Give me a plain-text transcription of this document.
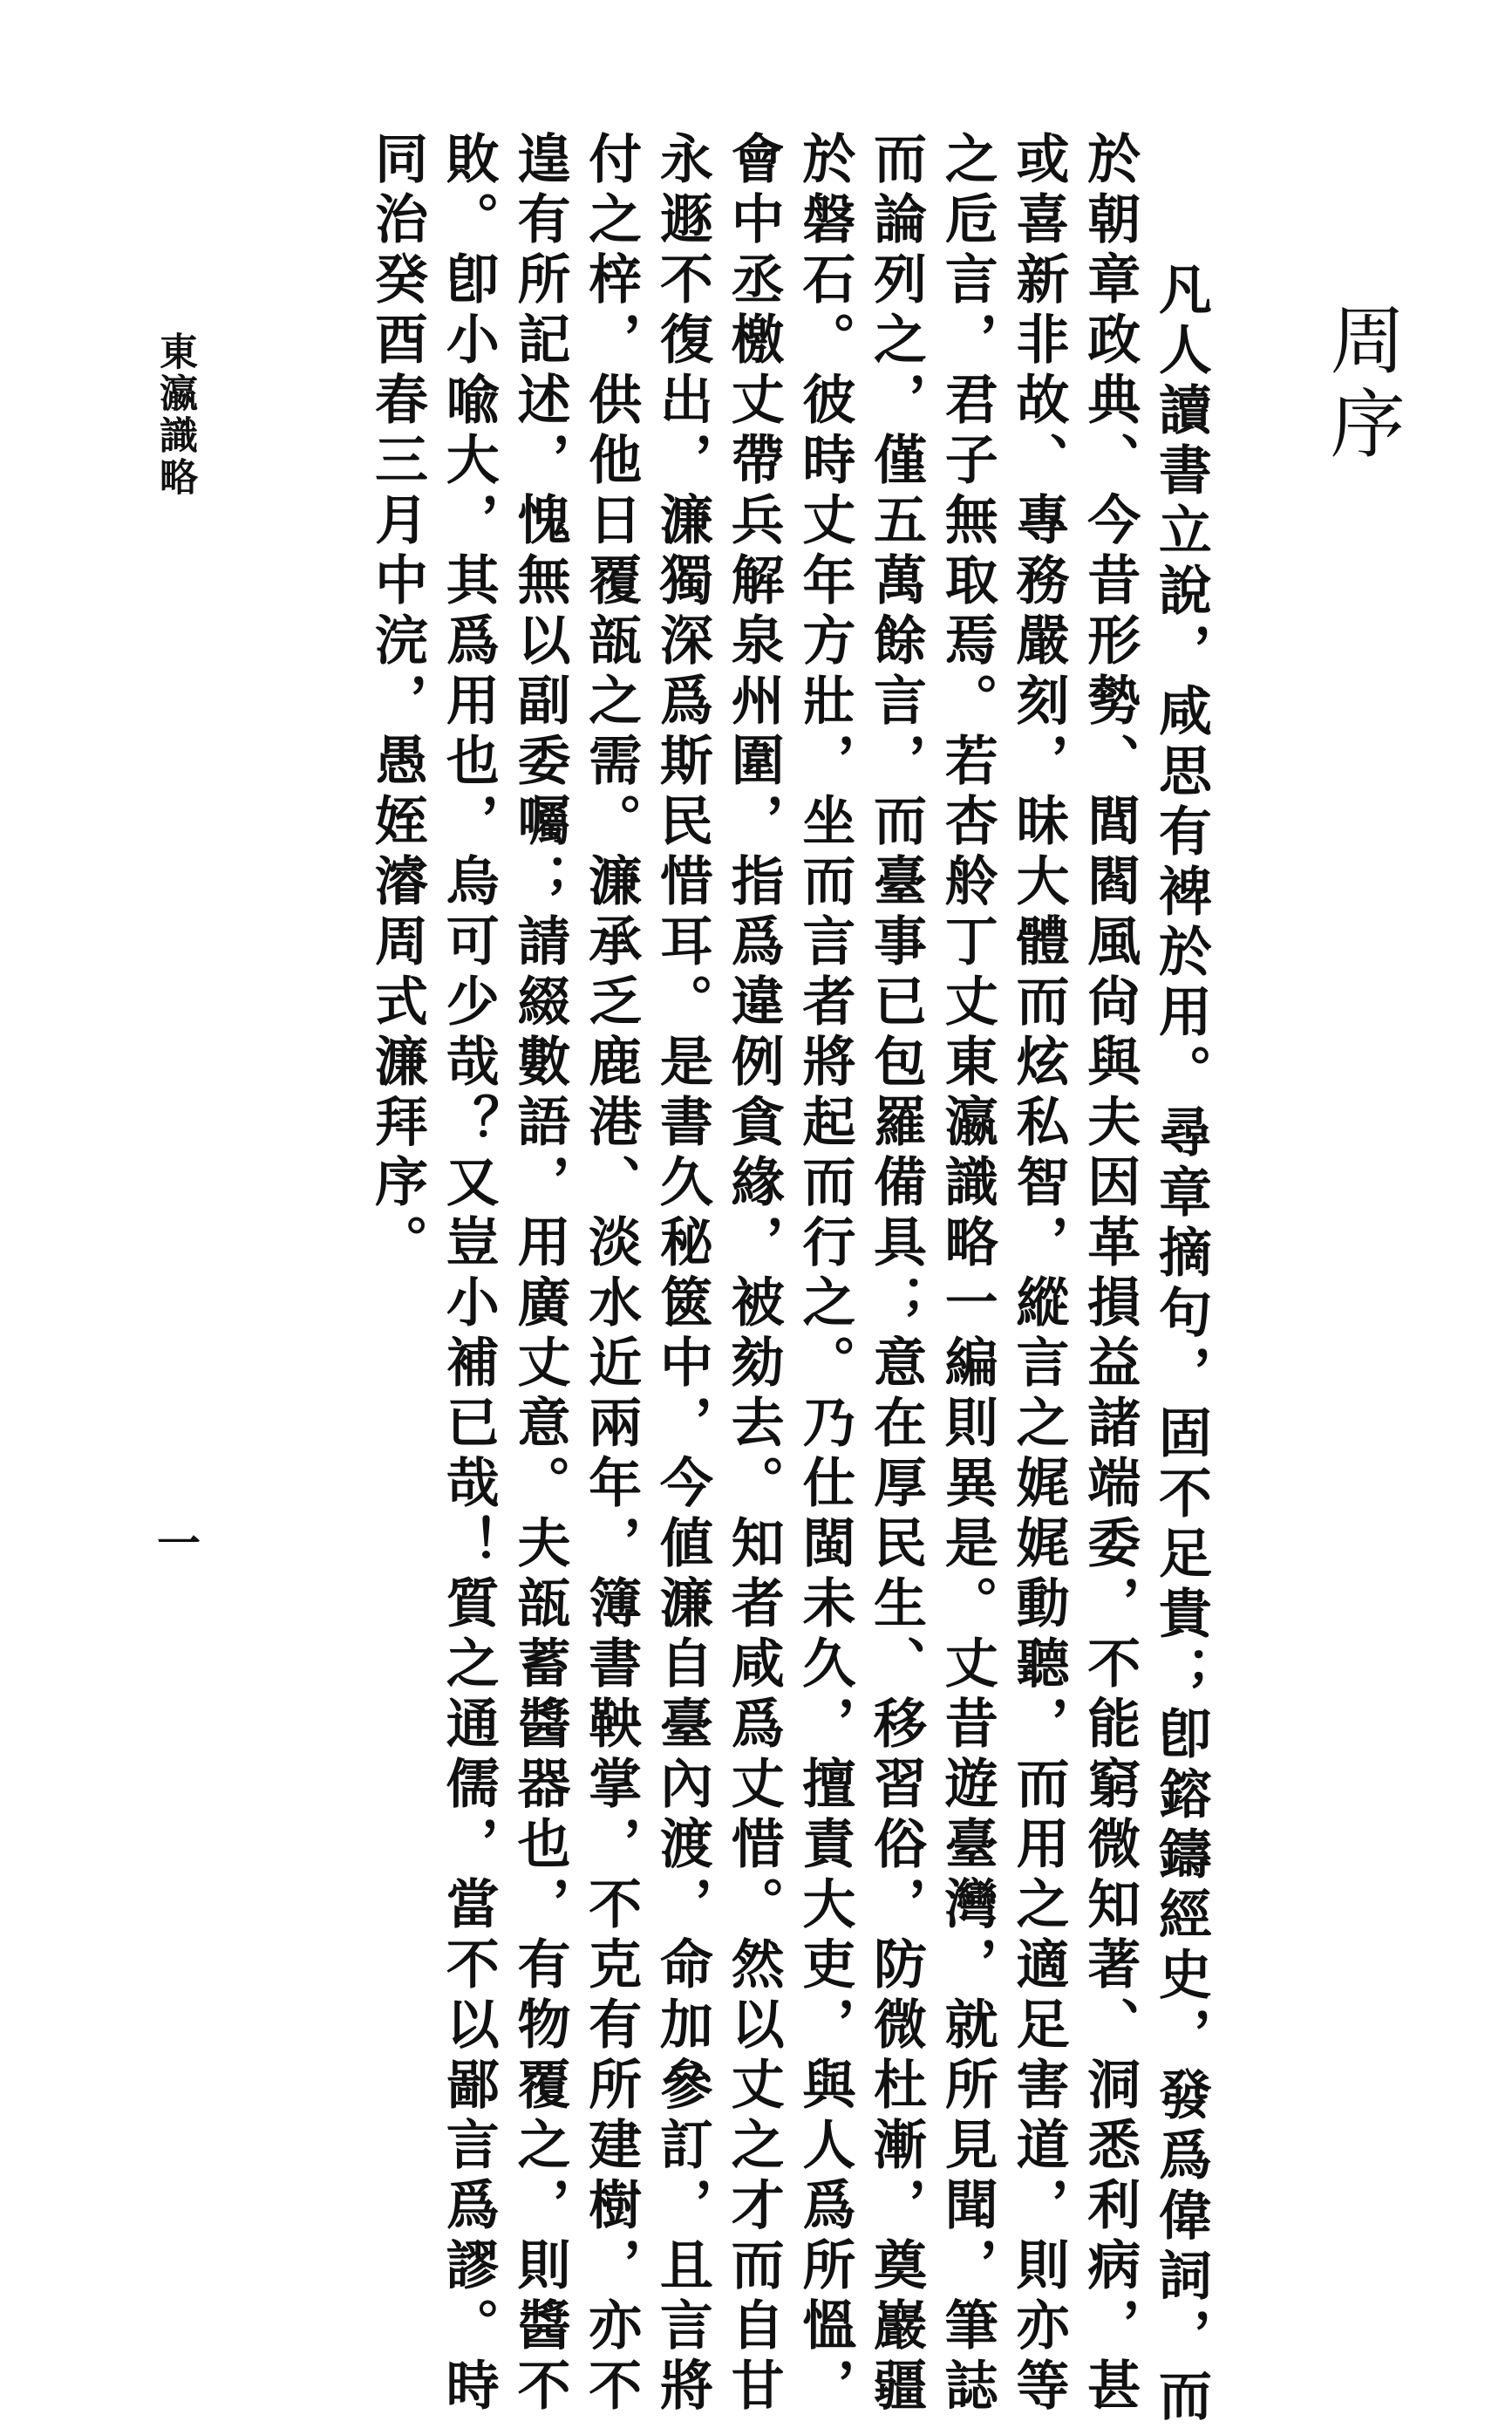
周序

凡人讀書立說，咸思有裨於用。尋章摘句，固不足貴；卽鎔鑄經史，發爲偉詞，而

於朝章政典、今昔形勢、閭閻風尙與夫因革損益諸端委，不能窮微知著、洞悉利病，甚

或喜新非故、專務嚴刻，昧大體而炫私智，縱言之娓娓動聽，而用之適足害道，則亦等

之卮言，君子無取焉。若杏舲丁丈東瀛識略一編則異是。丈昔遊臺灣，就所見聞，筆誌

而論列之，僅五萬餘言，而臺事已包羅備具；意在厚民生、移習俗，防微杜漸，奠巖疆

於磐石。彼時丈年方壯，坐而言者將起而行之。乃仕閩未久，擅責大吏，與人爲所慍，

會中丞檄丈帶兵解泉州圍，指爲違例貪緣，被劾去。知者咸爲丈惜。然以丈之才而自甘

永遯不復出，濂獨深爲斯民惜耳。是書久秘篋中，今値濂自臺內渡，命加參訂，且言將

付之梓，供他日覆瓿之需。濂承乏鹿港、淡水近兩年，簿書鞅掌，不克有所建樹，亦不

遑有所記述，愧無以副委囑；請綴數語，用廣丈意。夫瓿蓄醬器也，有物覆之，則醬不

敗。卽小喩大，其爲用也，烏可少哉？又豈小補已哉！質之通儒，當不以鄙言爲謬。時

同治癸酉春三月中浣，愚姪濬周式濂拜序。

東瀛識略
一
